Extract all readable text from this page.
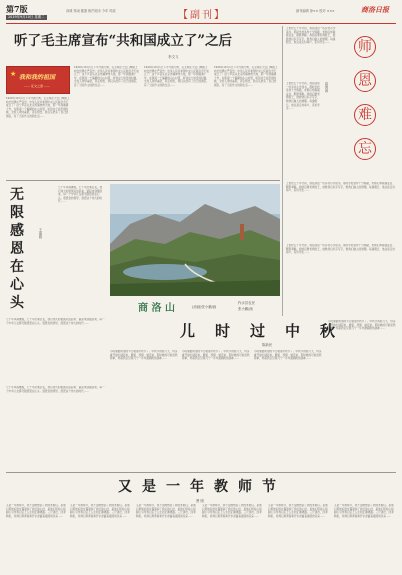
第7版
2019年9月10日 星期二
读城 休闲 健康 相约周末 今年 时政	【副刊】	副刊编辑 徐×× 校对 ×××	商洛日报
听了毛主席宣布“共和国成立了”之后
李文义
★ 我和我的祖国
—— 征文之窗 ——
1949年10月1日下午开国大典，毛主席在天安门城楼上向全世界庄严宣告：中华人民共和国中央人民政府今天成立了！这个声音从北京传遍神州大地，那一年我刚满十岁，在陕南一个偏僻的小山村里，听到这个消息的时候，全村人欢呼雀跃，奔走相告，我们从此有了自己的国家，有了当家作主的新生活……
1949年10月1日下午开国大典，毛主席在天安门城楼上向全世界庄严宣告：中华人民共和国中央人民政府今天成立了！这个声音从北京传遍神州大地，那一年我刚满十岁，在陕南一个偏僻的小山村里，听到这个消息的时候，全村人欢呼雀跃，奔走相告，我们从此有了自己的国家，有了当家作主的新生活……
1949年10月1日下午开国大典，毛主席在天安门城楼上向全世界庄严宣告：中华人民共和国中央人民政府今天成立了！这个声音从北京传遍神州大地，那一年我刚满十岁，在陕南一个偏僻的小山村里，听到这个消息的时候，全村人欢呼雀跃，奔走相告，我们从此有了自己的国家，有了当家作主的新生活……
1949年10月1日下午开国大典，毛主席在天安门城楼上向全世界庄严宣告：中华人民共和国中央人民政府今天成立了！这个声音从北京传遍神州大地，那一年我刚满十岁，在陕南一个偏僻的小山村里，听到这个消息的时候，全村人欢呼雀跃，奔走相告，我们从此有了自己的国家，有了当家作主的新生活……
上世纪五十年代初，我在商县一所乡村小学读书，那时学校条件十分简陋，老师们却兢兢业业、默默奉献。我的启蒙老师姓王，他教我们识字写字，教我们做人的道理。每逢假日，他总是走村串户，家访学生……	师
恩
难
忘
高鸿涛
上世纪五十年代初，我在商县一所乡村小学读书，那时学校条件十分简陋，老师们却兢兢业业、默默奉献。我的启蒙老师姓王，他教我们识字写字，教我们做人的道理。每逢假日，他总是走村串户，家访学生……
上世纪五十年代初，我在商县一所乡村小学读书，那时学校条件十分简陋，老师们却兢兢业业、默默奉献。我的启蒙老师姓王，他教我们识字写字，教我们做人的道理。每逢假日，他总是走村串户，家访学生……
上世纪五十年代初，我在商县一所乡村小学读书，那时学校条件十分简陋，老师们却兢兢业业、默默奉献。我的启蒙老师姓王，他教我们识字写字，教我们做人的道理。每逢假日，他总是走村串户，家访学生……
无
限
感
恩
在
心
头
王丽娟
七十年风雨兼程，七十年沧桑巨变，我们伟大的祖国从站起来、富起来到强起来，每一个中华儿女都无限感恩在心头。感恩党的领导，感恩这个伟大的时代……
七十年风雨兼程，七十年沧桑巨变，我们伟大的祖国从站起来、富起来到强起来，每一个中华儿女都无限感恩在心头。感恩党的领导，感恩这个伟大的时代……
商 洛 山	(油画)张小鹏/画
柞水县农民
张小鹏/画
儿 时 过 中 秋
陈新民
小时候最盼望的节日就是中秋节了。中秋节的前几天，母亲就开始忙碌起来，磨面、蒸馍、做月饼，那时候的月饼虽然简单，却是我们兄妹几个一年中最期盼的美味……
小时候最盼望的节日就是中秋节了。中秋节的前几天，母亲就开始忙碌起来，磨面、蒸馍、做月饼，那时候的月饼虽然简单，却是我们兄妹几个一年中最期盼的美味……
小时候最盼望的节日就是中秋节了。中秋节的前几天，母亲就开始忙碌起来，磨面、蒸馍、做月饼，那时候的月饼虽然简单，却是我们兄妹几个一年中最期盼的美味……
小时候最盼望的节日就是中秋节了。中秋节的前几天，母亲就开始忙碌起来，磨面、蒸馍、做月饼，那时候的月饼虽然简单，却是我们兄妹几个一年中最期盼的美味……
七十年风雨兼程，七十年沧桑巨变，我们伟大的祖国从站起来、富起来到强起来，每一个中华儿女都无限感恩在心头。感恩党的领导，感恩这个伟大的时代……
又 是 一 年 教 师 节
曹 刚
又是一年教师节，我不由得想起了我的老师们。是他们用知识的甘露滋润了我们的心田，是他们用爱心和耐心引导我们走上人生的正确道路。三尺讲台，四季耕耘，老师们用青春和汗水浇灌着祖国的花朵……
又是一年教师节，我不由得想起了我的老师们。是他们用知识的甘露滋润了我们的心田，是他们用爱心和耐心引导我们走上人生的正确道路。三尺讲台，四季耕耘，老师们用青春和汗水浇灌着祖国的花朵……
又是一年教师节，我不由得想起了我的老师们。是他们用知识的甘露滋润了我们的心田，是他们用爱心和耐心引导我们走上人生的正确道路。三尺讲台，四季耕耘，老师们用青春和汗水浇灌着祖国的花朵……
又是一年教师节，我不由得想起了我的老师们。是他们用知识的甘露滋润了我们的心田，是他们用爱心和耐心引导我们走上人生的正确道路。三尺讲台，四季耕耘，老师们用青春和汗水浇灌着祖国的花朵……
又是一年教师节，我不由得想起了我的老师们。是他们用知识的甘露滋润了我们的心田，是他们用爱心和耐心引导我们走上人生的正确道路。三尺讲台，四季耕耘，老师们用青春和汗水浇灌着祖国的花朵……
又是一年教师节，我不由得想起了我的老师们。是他们用知识的甘露滋润了我们的心田，是他们用爱心和耐心引导我们走上人生的正确道路。三尺讲台，四季耕耘，老师们用青春和汗水浇灌着祖国的花朵……
